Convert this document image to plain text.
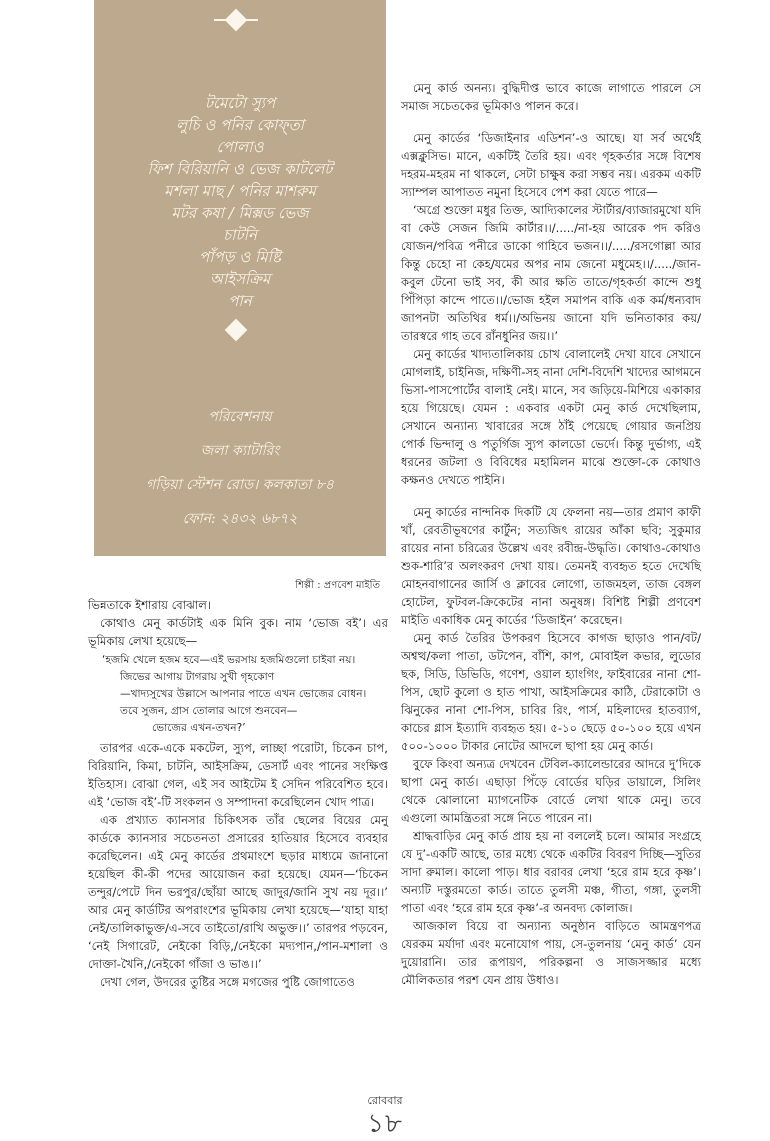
টমেটো স্যুপ
লুচি ও পনির কোফ্তা
পোলাও
ফিশ বিরিয়ানি ও ভেজ কাটলেট
মশলা মাছ / পনির মাশরুম
মটর কষা / মিক্সড ভেজ
চাটনি
পাঁপড় ও মিষ্টি
আইসক্রিম
পান
পরিবেশনায়
জলা ক্যাটারিং
গড়িয়া স্টেশন রোড। কলকাতা ৮৪
ফোন: ২৪৩২ ৬৮৭২
শিল্পী : প্রণবেশ মাইতি

ভিন্নতাকে ইশারায় বোঝাল।

কোথাও মেনু কার্ডটাই এক মিনি বুক। নাম ‘ভোজ বই’। এর ভূমিকায় লেখা হয়েছে—

‘হজমি খেলে হজম হবে—এই ভরসায় হজমিগুলো চাইবা নয়।
জিভের আগায় টাগরায় সুখী গৃহকোণ
—খাদ্যসুখের উল্লাসে আপনার পাতে এখন ভোজের বোধন।
তবে সুজন, গ্রাস তোলার আগে শুনবেন—
ভোজের এখন-তখন?’

তারপর একে-একে মকটেল, স্যুপ, লাচ্ছা পরোটা, চিকেন চাপ, বিরিয়ানি, কিমা, চাটনি, আইসক্রিম, ডেসার্ট এবং পানের সংক্ষিপ্ত ইতিহাস। বোঝা গেল, এই সব আইটেম ই সেদিন পরিবেশিত হবে। এই ‘ভোজ বই’-টি সংকলন ও সম্পাদনা করেছিলেন খোদ পাত্র।

এক প্রখ্যাত ক্যানসার চিকিৎসক তাঁর ছেলের বিয়ের মেনু কার্ডকে ক্যানসার সচেতনতা প্রসারের হাতিয়ার হিসেবে ব্যবহার করেছিলেন। এই মেনু কার্ডের প্রথমাংশে ছড়ার মাধ্যমে জানানো হয়েছিল কী-কী পদের আয়োজন করা হয়েছে। যেমন—‘চিকেন তন্দুর/পেটে দিন ভরপুর/ছোঁয়া আছে জাদুর/জানি সুখ নয় দূর।।’ আর মেনু কার্ডটির অপরাংশের ভূমিকায় লেখা হয়েছে—‘যাহা যাহা নেই/তালিকাভুক্ত/এ-সবে তাইতো/রাখি অভুক্ত।।’ তারপর পড়বেন, ‘নেই সিগারেট, নেইকো বিড়ি,/নেইকো মদ্যপান,/পান-মশালা ও দোক্তা-খৈনি,/নেইকো গাঁজা ও ভাঙ।।’

দেখা গেল, উদরের তুষ্টির সঙ্গে মগজের পুষ্টি জোগাতেও

মেনু কার্ড অনন্য। বুদ্ধিদীপ্ত ভাবে কাজে লাগাতে পারলে সে সমাজ সচেতকের ভূমিকাও পালন করে।

মেনু কার্ডের ‘ডিজাইনার এডিশন’-ও আছে। যা সর্ব অর্থেই এক্সক্লুসিভ। মানে, একটিই তৈরি হয়। এবং গৃহকর্তার সঙ্গে বিশেষ দহরম-মহরম না থাকলে, সেটা চাক্ষুষ করা সম্ভব নয়। এরকম একটি স্যাম্পল আপাতত নমুনা হিসেবে পেশ করা যেতে পারে—

‘অগ্রে শুক্তো মধুর তিক্ত, আদ্যিকালের স্টার্টার/ব্যাজারমুখো যদি বা কেউ সেজন জিমি কার্টার।।/...../না-হয় আরেক পদ করিও যোজন/পবিত্র পনীরে ডাকো গাহিবে ভজন।।/...../রসগোল্লা আর কিন্তু চেহো না কেহ/যমের অপর নাম জেনো মধুমেহ।।/...../জান-কবুল টেনো ভাই সব, কী আর ক্ষতি তাতে/গৃহকর্তা কান্দে শুধু পিঁপিড়া কান্দে পাতে।।/ভোজ হইল সমাপন বাকি এক কর্ম/ধন্যবাদ জাপনটা অতিথির ধর্ম।।/অভিনয় জানো যদি ভনিতাকার কয়/তারস্বরে গাহ তবে রাঁনধুনির জয়।।’

মেনু কার্ডের খাদ্যতালিকায় চোখ বোলালেই দেখা যাবে সেখানে মোগলাই, চাইনিজ, দক্ষিণী-সহ নানা দেশি-বিদেশি খাদ্যের আগমনে ভিসা-পাসপোর্টের বালাই নেই। মানে, সব জড়িয়ে-মিশিয়ে একাকার হয়ে গিয়েছে। যেমন : একবার একটা মেনু কার্ড দেখেছিলাম, সেখানে অন্যান্য খাবারের সঙ্গে ঠাঁই পেয়েছে গোয়ার জনপ্রিয় পোর্ক ভিন্দালু ও পতুর্গিজ স্যুপ কালডো ভের্দে। কিন্তু দুর্ভাগ্য, এই ধরনের জটলা ও বিবিধের মহামিলন মাঝে শুক্তো-কে কোথাও কক্ষনও দেখতে পাইনি।

মেনু কার্ডের নান্দনিক দিকটি যে ফেলনা নয়—তার প্রমাণ কাফী খাঁ, রেবতীভূষণের কার্টুন; সত্যজিৎ রায়ের আঁকা ছবি; সুকুমার রায়ের নানা চরিত্রের উল্লেখ এবং রবীন্দ্র-উদ্ধৃতি। কোথাও-কোথাও শুক-শারি’র অলংকরণ দেখা যায়। তেমনই ব্যবহৃত হতে দেখেছি মোহনবাগানের জার্সি ও ক্লাবের লোগো, তাজমহল, তাজ বেঙ্গল হোটেল, ফুটবল-ক্রিকেটের নানা অনুষঙ্গ। বিশিষ্ট শিল্পী প্রণবেশ মাইতি একাধিক মেনু কার্ডের ‘ডিজাইন’ করেছেন।

মেনু কার্ড তৈরির উপকরণ হিসেবে কাগজ ছাড়াও পান/বট/অশ্বত্থ/কলা পাতা, ডটপেন, বাঁশি, কাপ, মোবাইল কভার, লুডোর ছক, সিডি, ডিভিডি, গণেশ, ওয়াল হ্যাংগিং, ফাইবারের নানা শো-পিস, ছোট কুলো ও হাত পাখা, আইসক্রিমের কাঠি, টেরাকোটা ও ঝিনুকের নানা শো-পিস, চাবির রিং, পার্স, মহিলাদের হাতব্যাগ, কাচের গ্লাস ইত্যাদি ব্যবহৃত হয়। ৫-১০ ছেড়ে ৫০-১০০ হয়ে এখন ৫০০-১০০০ টাকার নোটের আদলে ছাপা হয় মেনু কার্ড।

বুফে কিংবা অন্যত্র দেখবেন টেবিল-ক্যালেন্ডারের আদরে দু’দিকে ছাপা মেনু কার্ড। এছাড়া পিঁড়ে বোর্ডের ঘড়ির ডায়ালে, সিলিং থেকে ঝোলানো ম্যাগনেটিক বোর্ডে লেখা থাকে মেনু। তবে এগুলো আমন্ত্রিতরা সঙ্গে নিতে পারেন না।

শ্রাদ্ধবাড়ির মেনু কার্ড প্রায় হয় না বললেই চলে। আমার সংগ্রহে যে দু’-একটি আছে, তার মধ্যে থেকে একটির বিবরণ দিচ্ছি—সুতির সাদা রুমাল। কালো পাড়। ধার বরাবর লেখা ‘হরে রাম হরে কৃষ্ণ’। অন্যটি দস্তুরমতো কার্ড। তাতে তুলসী মঞ্চ, গীতা, গঙ্গা, তুলসী পাতা এবং ‘হরে রাম হরে কৃষ্ণ’-র অনবদ্য কোলাজ।

আজকাল বিয়ে বা অন্যান্য অনুষ্ঠান বাড়িতে আমন্ত্রণপত্র যেরকম মর্যাদা এবং মনোযোগ পায়, সে-তুলনায় ‘মেনু কার্ড’ যেন দুয়োরানি। তার রূপায়ণ, পরিকল্পনা ও সাজসজ্জার মধ্যে মৌলিকতার পরশ যেন প্রায় উধাও।

রোববার
১৮
